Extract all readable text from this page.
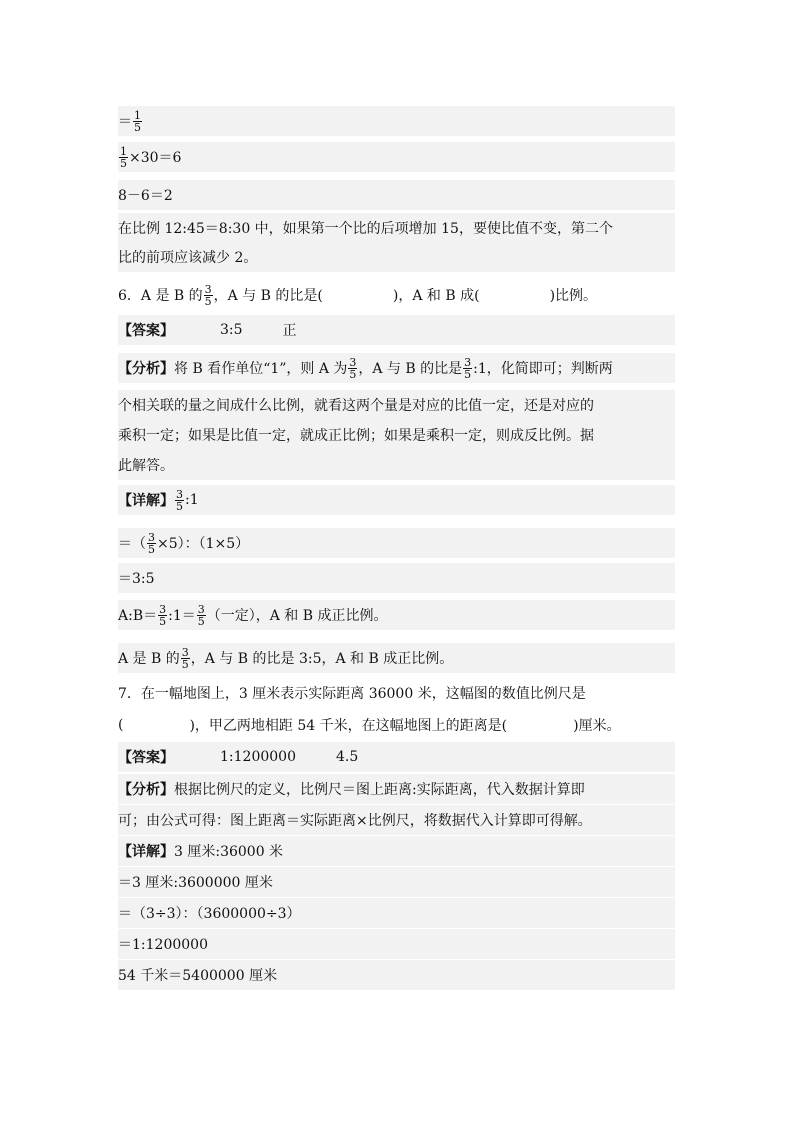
＝ $\frac{1}{5}$
$\frac{1}{5} \times 30=6$
8－6＝2
在比例 12:45＝8:30 中，如果第一个比的后项增加 15，要使比值不变，第二个
比的前项应该减少 2。
6．A 是 B 的 $\frac{3}{5}$ ，A 与 B 的比是(	)，A 和 B 成(	)比例。
【答案】	3:5	正
【分析】 将 B 看作单位“1”，则 A 为 $\frac{3}{5}$ ，A 与 B 的比是 $\frac{3}{5}$ :1，化简即可；判断两
个相关联的量之间成什么比例，就看这两个量是对应的比值一定，还是对应的
乘积一定；如果是比值一定，就成正比例；如果是乘积一定，则成反比例。据
此解答。
【详解】 $\frac{3}{5}$ :1
＝（ $\frac{3}{5} \times 5$）：（1×5）
＝3:5
A:B＝ $\frac{3}{5}$ :1＝ $\frac{3}{5}$ （一定），A 和 B 成正比例。
A 是 B 的 $\frac{3}{5}$ ，A 与 B 的比是 3:5，A 和 B 成正比例。
7．在一幅地图上，3 厘米表示实际距离 36000 米，这幅图的数值比例尺是
(	)，甲乙两地相距 54 千米，在这幅地图上的距离是(	)厘米。
【答案】	1:1200000	4.5
【分析】 根据比例尺的定义，比例尺＝图上距离:实际距离，代入数据计算即
可；由公式可得：图上距离＝实际距离×比例尺，将数据代入计算即可得解。
【详解】 3 厘米:36000 米
＝3 厘米:3600000 厘米
＝（3÷3）：（3600000÷3）
＝1:1200000
54 千米＝5400000 厘米
